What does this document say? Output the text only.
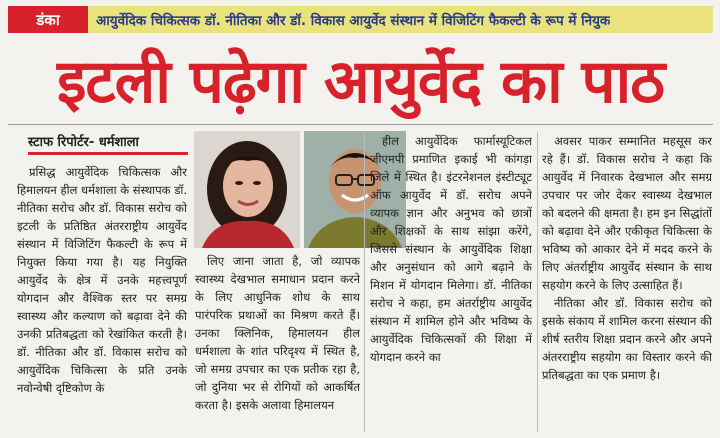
डंका	आयुर्वेदिक चिकित्सक डॉ. नीतिका और डॉ. विकास आयुर्वेद संस्थान में विजिटिंग फैकल्टी के रूप में नियुक
इटली पढ़ेगा आयुर्वेद का पाठ
स्टाफ रिपोर्टर- धर्मशाला

प्रसिद्ध आयुर्वेदिक चिकित्सक और हिमालयन हील धर्मशाला के संस्थापक डॉ. नीतिका सरोच और डॉ. विकास सरोच को इटली के प्रतिष्ठित अंतरराष्ट्रीय आयुर्वेद संस्थान में विजिटिंग फैकल्टी के रूप में नियुक्त किया गया है। यह नियुक्ति आयुर्वेद के क्षेत्र में उनके महत्त्वपूर्ण योगदान और वैश्विक स्तर पर समग्र स्वास्थ्य और कल्याण को बढ़ावा देने की उनकी प्रतिबद्धता को रेखांकित करती है। डॉ. नीतिका और डॉ. विकास सरोच को आयुर्वेदिक चिकित्सा के प्रति उनके नवोन्वेषी दृष्टिकोण के

लिए जाना जाता है, जो व्यापक स्वास्थ्य देखभाल समाधान प्रदान करने के लिए आधुनिक शोध के साथ पारंपरिक प्रथाओं का मिश्रण करते हैं। उनका क्लिनिक, हिमालयन हील धर्मशाला के शांत परिदृश्य में स्थित है, जो समग्र उपचार का एक प्रतीक रहा है, जो दुनिया भर से रोगियों को आकर्षित करता है। इसके अलावा हिमालयन

हील आयुर्वेदिक फार्मास्यूटिकल जीएमपी प्रमाणित इकाई भी कांगड़ा जिले में स्थित है। इंटरनेशनल इंस्टीट्यूट ऑफ आयुर्वेद में डॉ. सरोच अपने व्यापक ज्ञान और अनुभव को छात्रों और शिक्षकों के साथ सांझा करेंगे, जिससे संस्थान के आयुर्वेदिक शिक्षा और अनुसंधान को आगे बढ़ाने के मिशन में योगदान मिलेगा। डॉ. नीतिका सरोच ने कहा, हम अंतर्राष्ट्रीय आयुर्वेद संस्थान में शामिल होने और भविष्य के आयुर्वेदिक चिकित्सकों की शिक्षा में योगदान करने का

अवसर पाकर सम्मानित महसूस कर रहे हैं। डॉ. विकास सरोच ने कहा कि आयुर्वेद में निवारक देखभाल और समग्र उपचार पर जोर देकर स्वास्थ्य देखभाल को बदलने की क्षमता है। हम इन सिद्धांतों को बढ़ावा देने और एकीकृत चिकित्सा के भविष्य को आकार देने में मदद करने के लिए अंतर्राष्ट्रीय आयुर्वेद संस्थान के साथ सहयोग करने के लिए उत्साहित हैं।

नीतिका और डॉ. विकास सरोच को इसके संकाय में शामिल करना संस्थान की शीर्ष स्तरीय शिक्षा प्रदान करने और अपने अंतरराष्ट्रीय सहयोग का विस्तार करने की प्रतिबद्धता का एक प्रमाण है।
